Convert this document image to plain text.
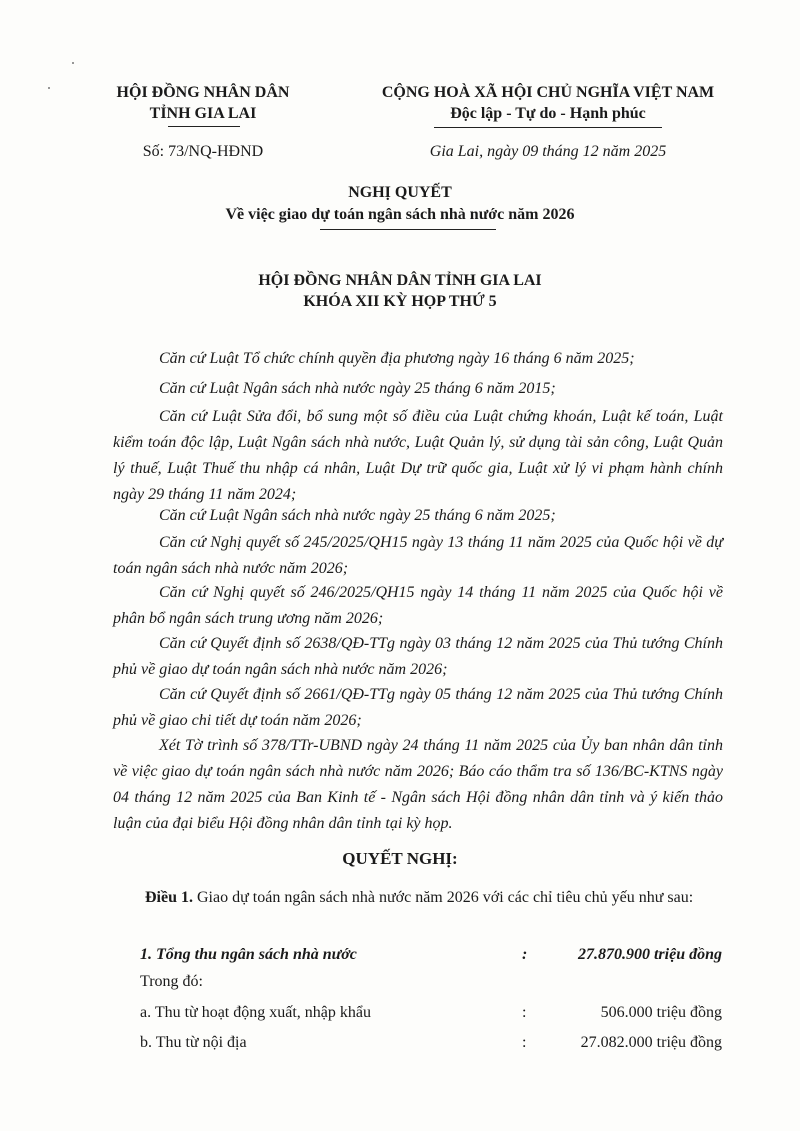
HỘI ĐỒNG NHÂN DÂN
TỈNH GIA LAI
Số: 73/NQ-HĐND
CỘNG HOÀ XÃ HỘI CHỦ NGHĨA VIỆT NAM
Độc lập - Tự do - Hạnh phúc
Gia Lai, ngày 09 tháng 12 năm 2025
NGHỊ QUYẾT
Về việc giao dự toán ngân sách nhà nước năm 2026
HỘI ĐỒNG NHÂN DÂN TỈNH GIA LAI
KHÓA XII KỲ HỌP THỨ 5
Căn cứ Luật Tổ chức chính quyền địa phương ngày 16 tháng 6 năm 2025;
Căn cứ Luật Ngân sách nhà nước ngày 25 tháng 6 năm 2015;
Căn cứ Luật Sửa đổi, bổ sung một số điều của Luật chứng khoán, Luật kế toán, Luật kiểm toán độc lập, Luật Ngân sách nhà nước, Luật Quản lý, sử dụng tài sản công, Luật Quản lý thuế, Luật Thuế thu nhập cá nhân, Luật Dự trữ quốc gia, Luật xử lý vi phạm hành chính ngày 29 tháng 11 năm 2024;
Căn cứ Luật Ngân sách nhà nước ngày 25 tháng 6 năm 2025;
Căn cứ Nghị quyết số 245/2025/QH15 ngày 13 tháng 11 năm 2025 của Quốc hội về dự toán ngân sách nhà nước năm 2026;
Căn cứ Nghị quyết số 246/2025/QH15 ngày 14 tháng 11 năm 2025 của Quốc hội về phân bổ ngân sách trung ương năm 2026;
Căn cứ Quyết định số 2638/QĐ-TTg ngày 03 tháng 12 năm 2025 của Thủ tướng Chính phủ về giao dự toán ngân sách nhà nước năm 2026;
Căn cứ Quyết định số 2661/QĐ-TTg ngày 05 tháng 12 năm 2025 của Thủ tướng Chính phủ về giao chi tiết dự toán năm 2026;
Xét Tờ trình số 378/TTr-UBND ngày 24 tháng 11 năm 2025 của Ủy ban nhân dân tỉnh về việc giao dự toán ngân sách nhà nước năm 2026; Báo cáo thẩm tra số 136/BC-KTNS ngày 04 tháng 12 năm 2025 của Ban Kinh tế - Ngân sách Hội đồng nhân dân tỉnh và ý kiến thảo luận của đại biểu Hội đồng nhân dân tỉnh tại kỳ họp.
QUYẾT NGHỊ:
Điều 1. Giao dự toán ngân sách nhà nước năm 2026 với các chỉ tiêu chủ yếu như sau:
1. Tổng thu ngân sách nhà nước	:	27.870.900 triệu đồng
Trong đó:
a. Thu từ hoạt động xuất, nhập khẩu	:	506.000 triệu đồng
b. Thu từ nội địa	:	27.082.000 triệu đồng
